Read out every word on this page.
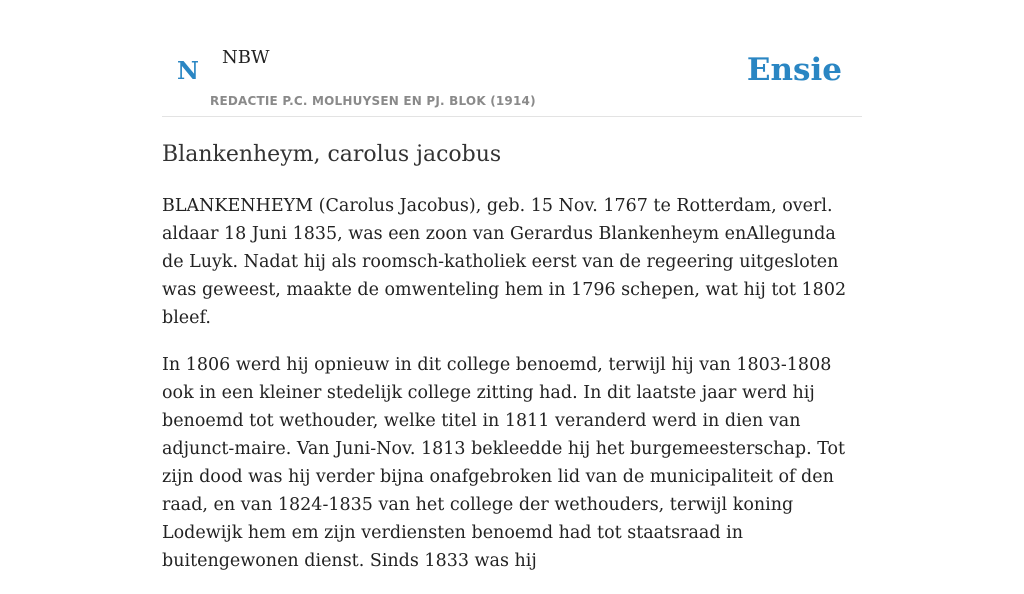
N NBW
REDACTIE P.C. MOLHUYSEN EN PJ. BLOK (1914)
Ensie
Blankenheym, carolus jacobus

BLANKENHEYM (Carolus Jacobus), geb. 15 Nov. 1767 te Rotterdam, overl. aldaar 18 Juni 1835, was een zoon van Gerardus Blankenheym enAllegunda de Luyk. Nadat hij als roomsch-katholiek eerst van de regeering uitgesloten was geweest, maakte de omwenteling hem in 1796 schepen, wat hij tot 1802 bleef.

In 1806 werd hij opnieuw in dit college benoemd, terwijl hij van 1803-1808 ook in een kleiner stedelijk college zitting had. In dit laatste jaar werd hij benoemd tot wethouder, welke titel in 1811 veranderd werd in dien van adjunct-maire. Van Juni-Nov. 1813 bekleedde hij het burgemeesterschap. Tot zijn dood was hij verder bijna onafgebroken lid van de municipaliteit of den raad, en van 1824-1835 van het college der wethouders, terwijl koning Lodewijk hem em zijn verdiensten benoemd had tot staatsraad in buitengewonen dienst. Sinds 1833 was hij
